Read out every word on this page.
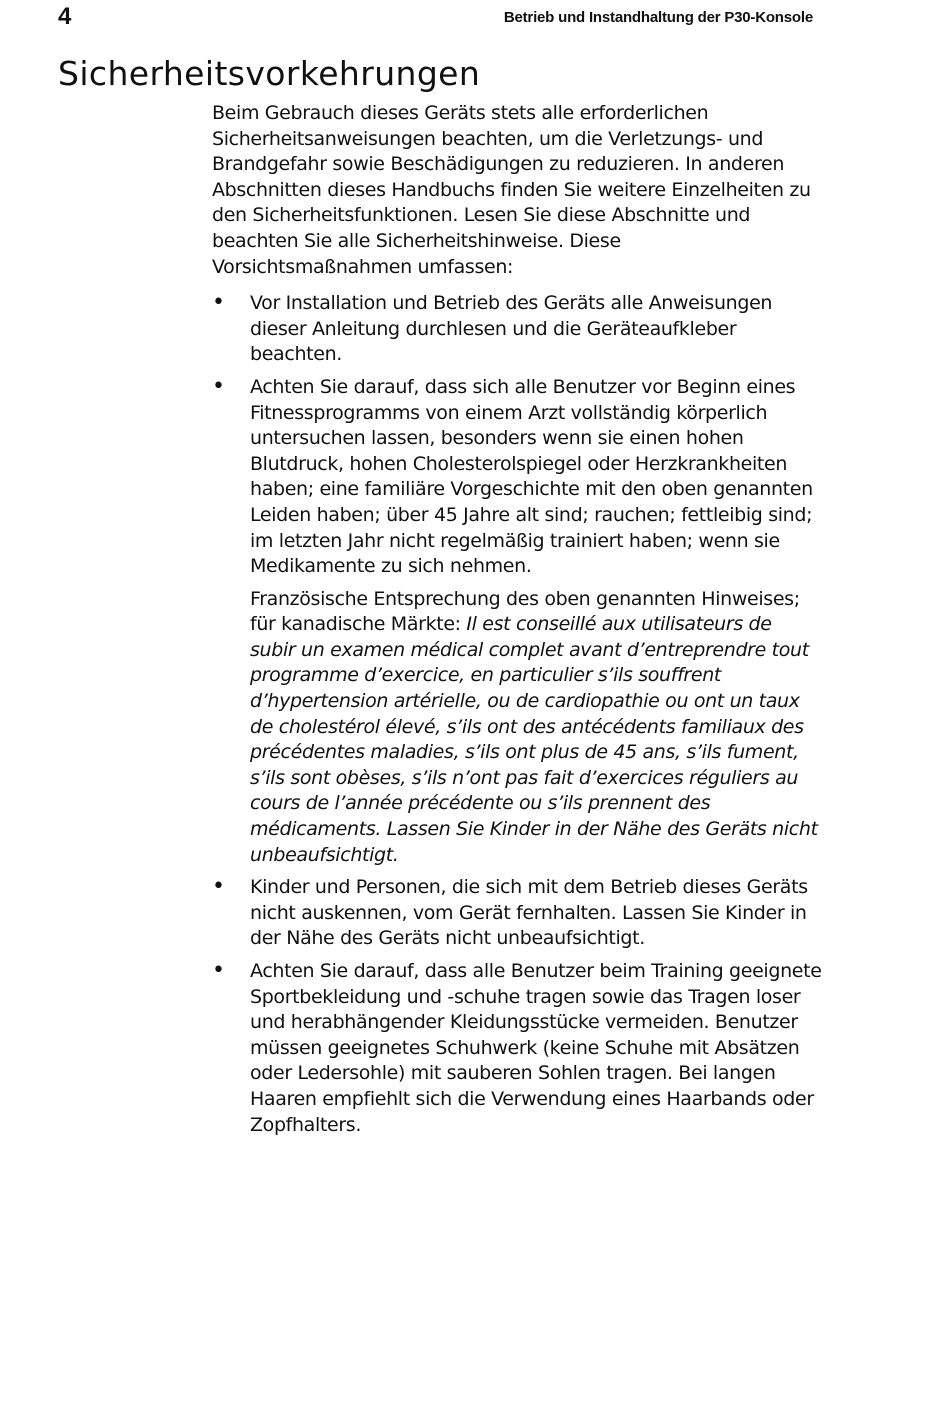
4	Betrieb und Instandhaltung der P30-Konsole
Sicherheitsvorkehrungen

Beim Gebrauch dieses Geräts stets alle erforderlichen Sicherheitsanweisungen beachten, um die Verletzungs- und Brandgefahr sowie Beschädigungen zu reduzieren. In anderen Abschnitten dieses Handbuchs finden Sie weitere Einzelheiten zu den Sicherheitsfunktionen. Lesen Sie diese Abschnitte und beachten Sie alle Sicherheitshinweise. Diese Vorsichtsmaßnahmen umfassen:

• Vor Installation und Betrieb des Geräts alle Anweisungen dieser Anleitung durchlesen und die Geräteaufkleber beachten.
• Achten Sie darauf, dass sich alle Benutzer vor Beginn eines Fitnessprogramms von einem Arzt vollständig körperlich untersuchen lassen, besonders wenn sie einen hohen Blutdruck, hohen Cholesterolspiegel oder Herzkrankheiten haben; eine familiäre Vorgeschichte mit den oben genannten Leiden haben; über 45 Jahre alt sind; rauchen; fettleibig sind; im letzten Jahr nicht regelmäßig trainiert haben; wenn sie Medikamente zu sich nehmen.
Französische Entsprechung des oben genannten Hinweises; für kanadische Märkte: Il est conseillé aux utilisateurs de subir un examen médical complet avant d’entreprendre tout programme d’exercice, en particulier s’ils souffrent d’hypertension artérielle, ou de cardiopathie ou ont un taux de cholestérol élevé, s’ils ont des antécédents familiaux des précédentes maladies, s’ils ont plus de 45 ans, s’ils fument, s’ils sont obèses, s’ils n’ont pas fait d’exercices réguliers au cours de l’année précédente ou s’ils prennent des médicaments. Lassen Sie Kinder in der Nähe des Geräts nicht unbeaufsichtigt.
• Kinder und Personen, die sich mit dem Betrieb dieses Geräts nicht auskennen, vom Gerät fernhalten. Lassen Sie Kinder in der Nähe des Geräts nicht unbeaufsichtigt.
• Achten Sie darauf, dass alle Benutzer beim Training geeignete Sportbekleidung und -schuhe tragen sowie das Tragen loser und herabhängender Kleidungsstücke vermeiden. Benutzer müssen geeignetes Schuhwerk (keine Schuhe mit Absätzen oder Ledersohle) mit sauberen Sohlen tragen. Bei langen Haaren empfiehlt sich die Verwendung eines Haarbands oder Zopfhalters.
